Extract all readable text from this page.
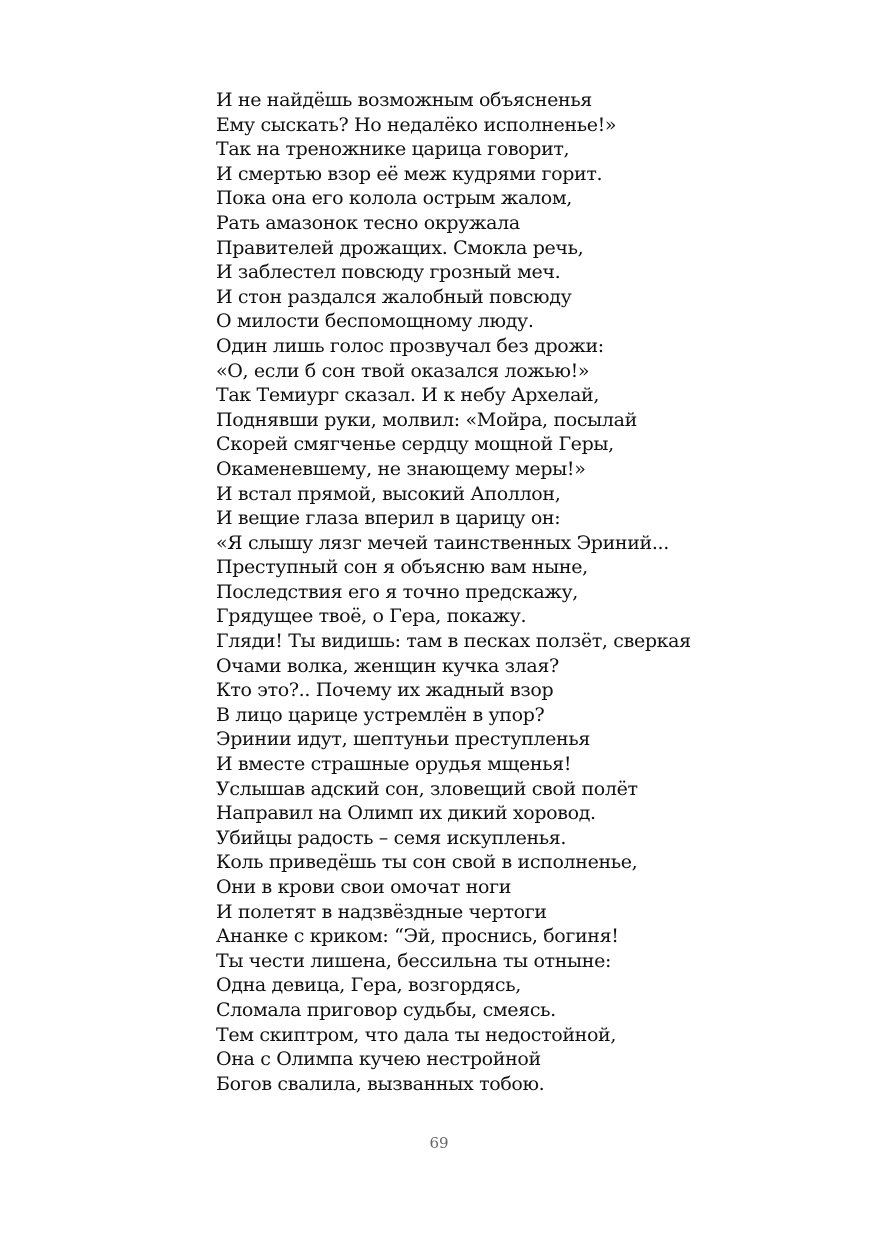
И не найдёшь возможным объясненья
Ему сыскать? Но недалёко исполненье!»
Так на треножнике царица говорит,
И смертью взор её меж кудрями горит.
Пока она его колола острым жалом,
Рать амазонок тесно окружала
Правителей дрожащих. Смокла речь,
И заблестел повсюду грозный меч.
И стон раздался жалобный повсюду
О милости беспомощному люду.
Один лишь голос прозвучал без дрожи:
«О, если б сон твой оказался ложью!»
Так Темиург сказал. И к небу Архелай,
Поднявши руки, молвил: «Мойра, посылай
Скорей смягченье сердцу мощной Геры,
Окаменевшему, не знающему меры!»
И встал прямой, высокий Аполлон,
И вещие глаза вперил в царицу он:
«Я слышу лязг мечей таинственных Эриний...
Преступный сон я объясню вам ныне,
Последствия его я точно предскажу,
Грядущее твоё, о Гера, покажу.
Гляди! Ты видишь: там в песках ползёт, сверкая
Очами волка, женщин кучка злая?
Кто это?.. Почему их жадный взор
В лицо царице устремлён в упор?
Эринии идут, шептуньи преступленья
И вместе страшные орудья мщенья!
Услышав адский сон, зловещий свой полёт
Направил на Олимп их дикий хоровод.
Убийцы радость – семя искупленья.
Коль приведёшь ты сон свой в исполненье,
Они в крови свои омочат ноги
И полетят в надзвёздные чертоги
Ананке с криком: “Эй, проснись, богиня!
Ты чести лишена, бессильна ты отныне:
Одна девица, Гера, возгордясь,
Сломала приговор судьбы, смеясь.
Тем скиптром, что дала ты недостойной,
Она с Олимпа кучею нестройной
Богов свалила, вызванных тобою.
69
